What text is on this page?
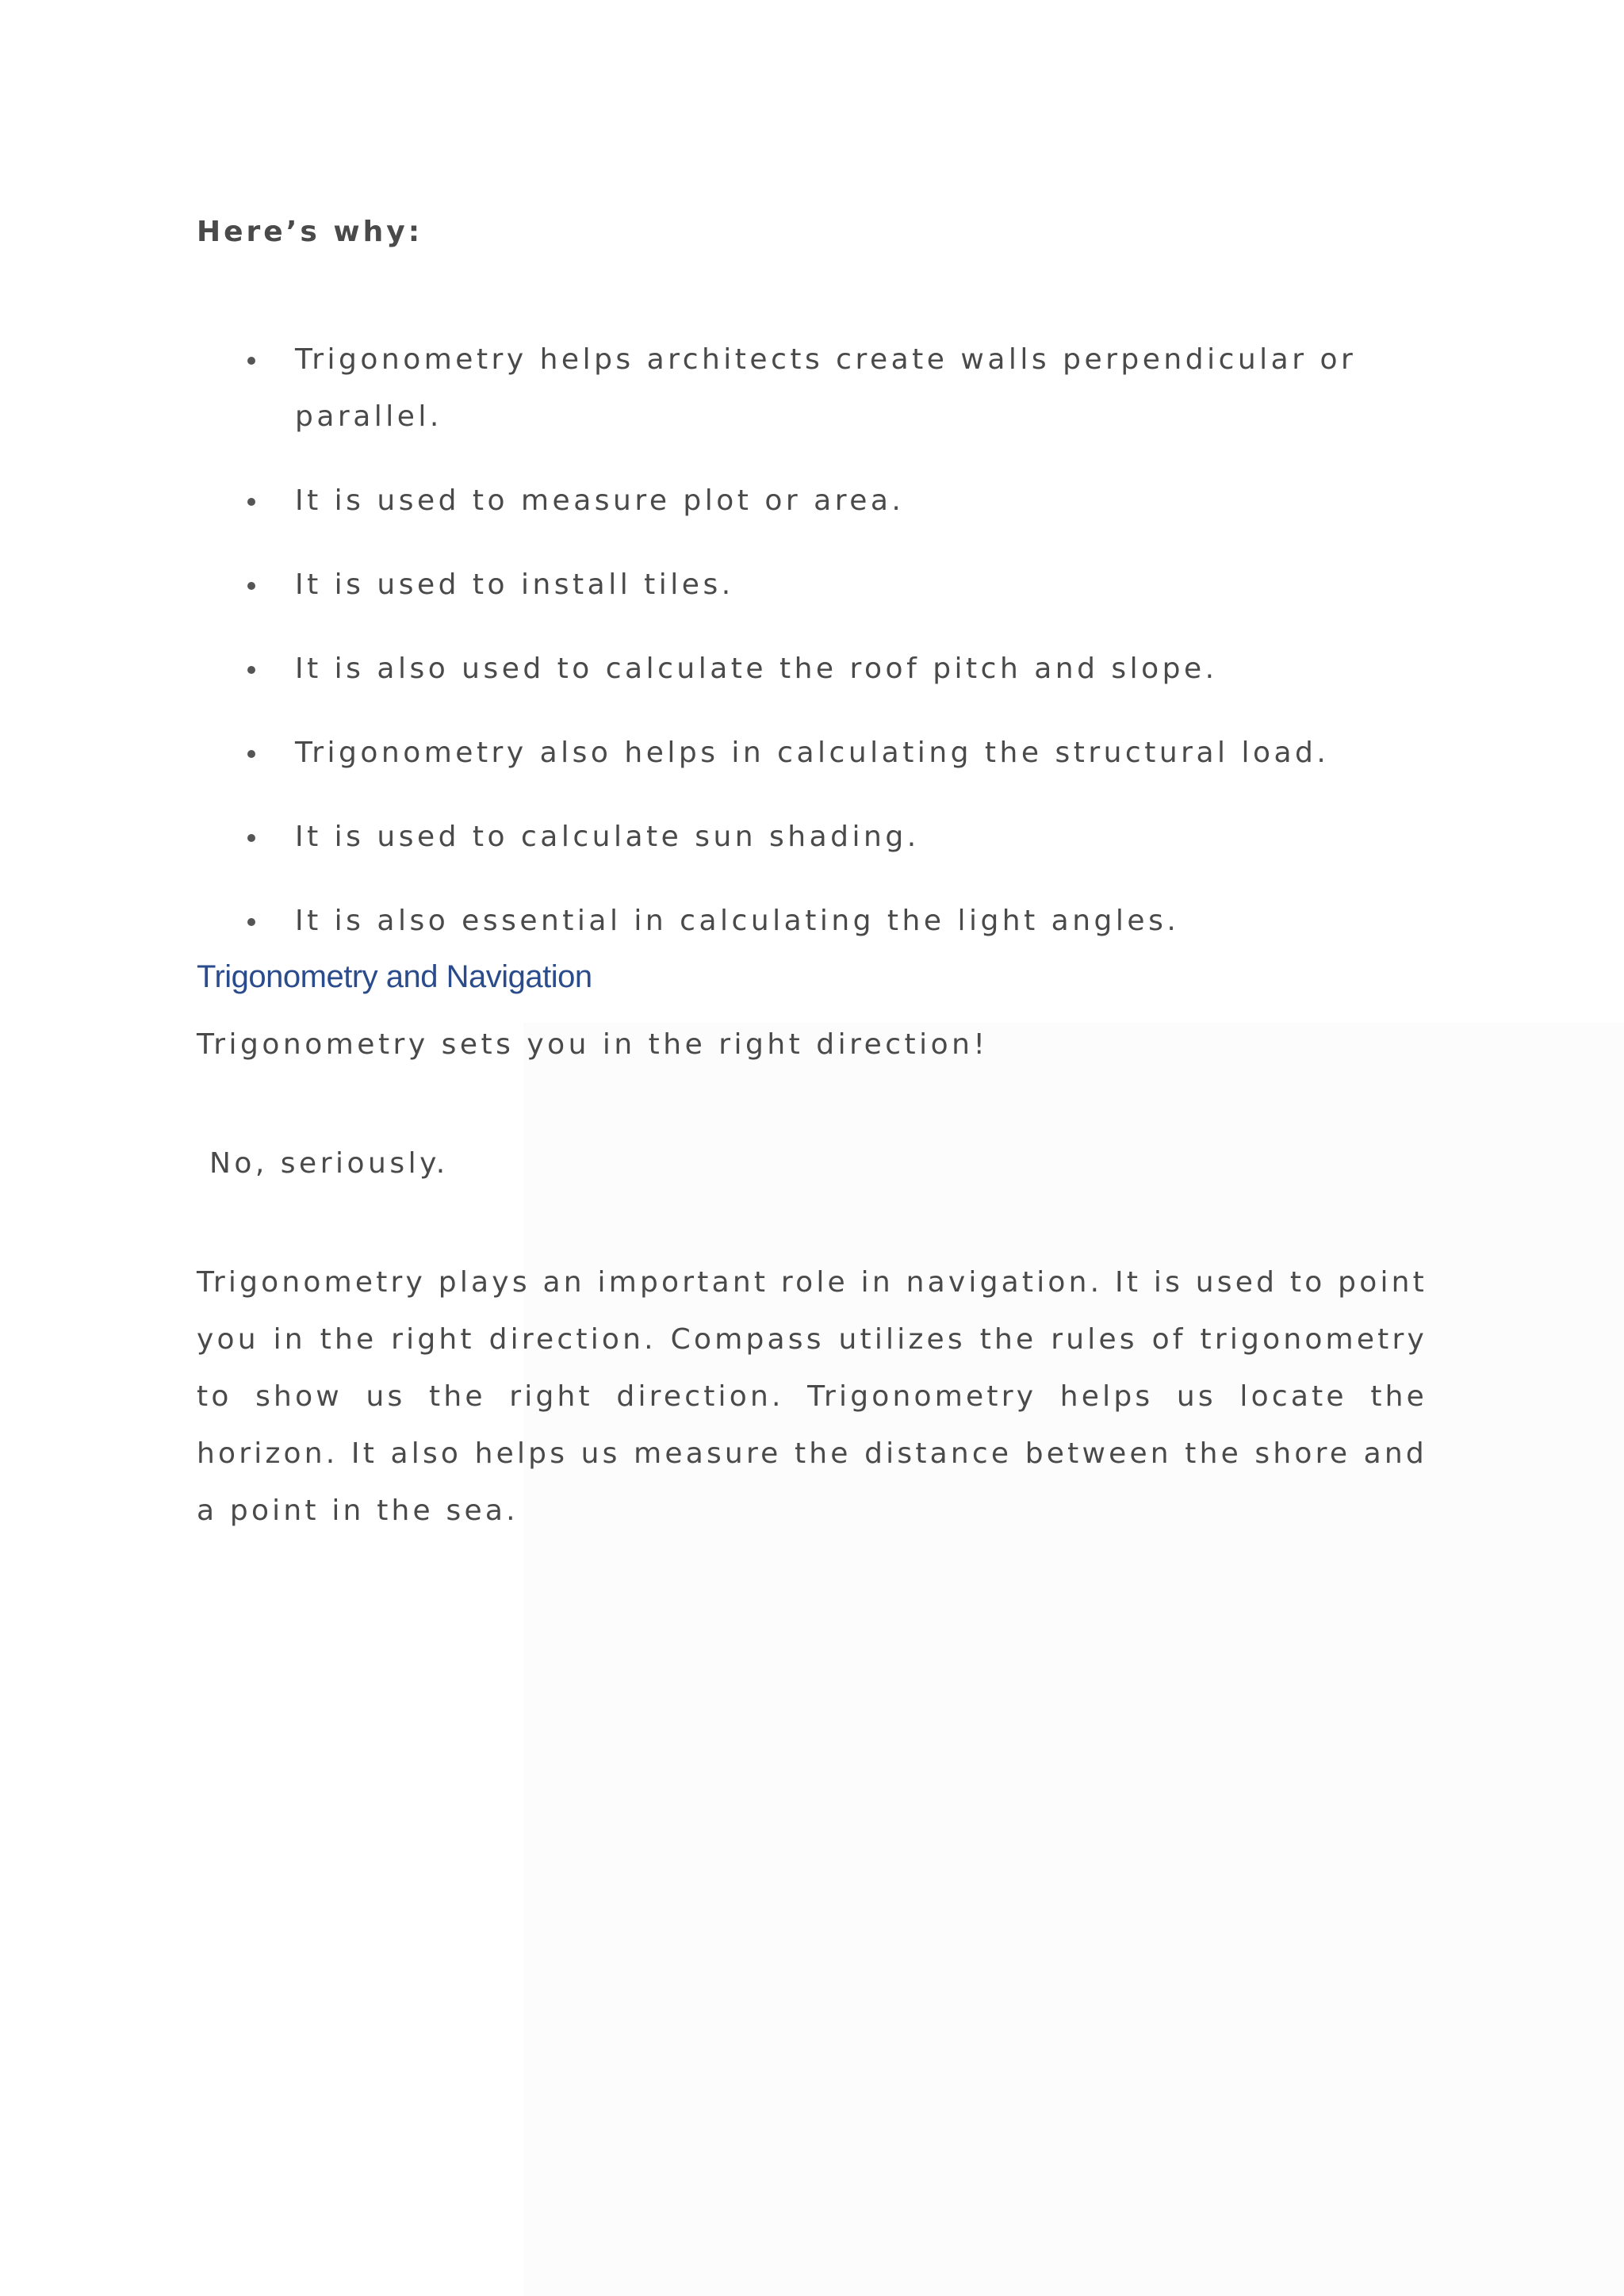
Here’s why:

Trigonometry helps architects create walls perpendicular or parallel.
It is used to measure plot or area.
It is used to install tiles.
It is also used to calculate the roof pitch and slope.
Trigonometry also helps in calculating the structural load.
It is used to calculate sun shading.
It is also essential in calculating the light angles.
Trigonometry and Navigation

Trigonometry sets you in the right direction!

No, seriously.

Trigonometry plays an important role in navigation. It is used to point you in the right direction. Compass utilizes the rules of trigonometry to show us the right direction. Trigonometry helps us locate the horizon. It also helps us measure the distance between the shore and a point in the sea.
